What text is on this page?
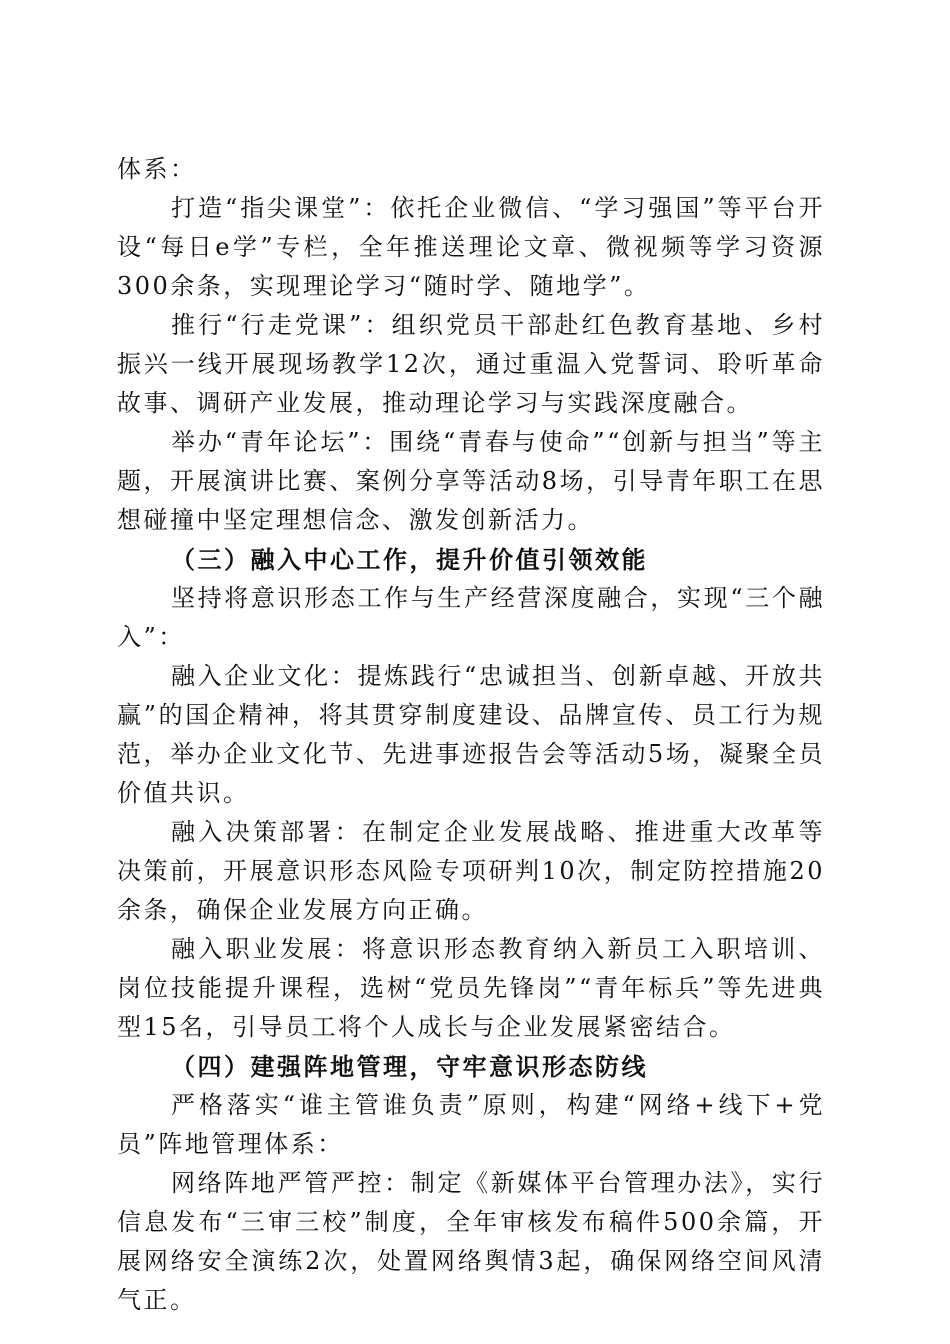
体系：

打造“指尖课堂”：依托企业微信、“学习强国”等平台开设“每日e学”专栏，全年推送理论文章、微视频等学习资源300余条，实现理论学习“随时学、随地学”。

推行“行走党课”：组织党员干部赴红色教育基地、乡村振兴一线开展现场教学12次，通过重温入党誓词、聆听革命故事、调研产业发展，推动理论学习与实践深度融合。

举办“青年论坛”：围绕“青春与使命”“创新与担当”等主题，开展演讲比赛、案例分享等活动8场，引导青年职工在思想碰撞中坚定理想信念、激发创新活力。

（三）融入中心工作，提升价值引领效能

坚持将意识形态工作与生产经营深度融合，实现“三个融入”：

融入企业文化：提炼践行“忠诚担当、创新卓越、开放共赢”的国企精神，将其贯穿制度建设、品牌宣传、员工行为规范，举办企业文化节、先进事迹报告会等活动5场，凝聚全员价值共识。

融入决策部署：在制定企业发展战略、推进重大改革等决策前，开展意识形态风险专项研判10次，制定防控措施20余条，确保企业发展方向正确。

融入职业发展：将意识形态教育纳入新员工入职培训、岗位技能提升课程，选树“党员先锋岗”“青年标兵”等先进典型15名，引导员工将个人成长与企业发展紧密结合。

（四）建强阵地管理，守牢意识形态防线

严格落实“谁主管谁负责”原则，构建“网络+线下+党员”阵地管理体系：

网络阵地严管严控：制定《新媒体平台管理办法》，实行信息发布“三审三校”制度，全年审核发布稿件500余篇，开展网络安全演练2次，处置网络舆情3起，确保网络空间风清气正。
